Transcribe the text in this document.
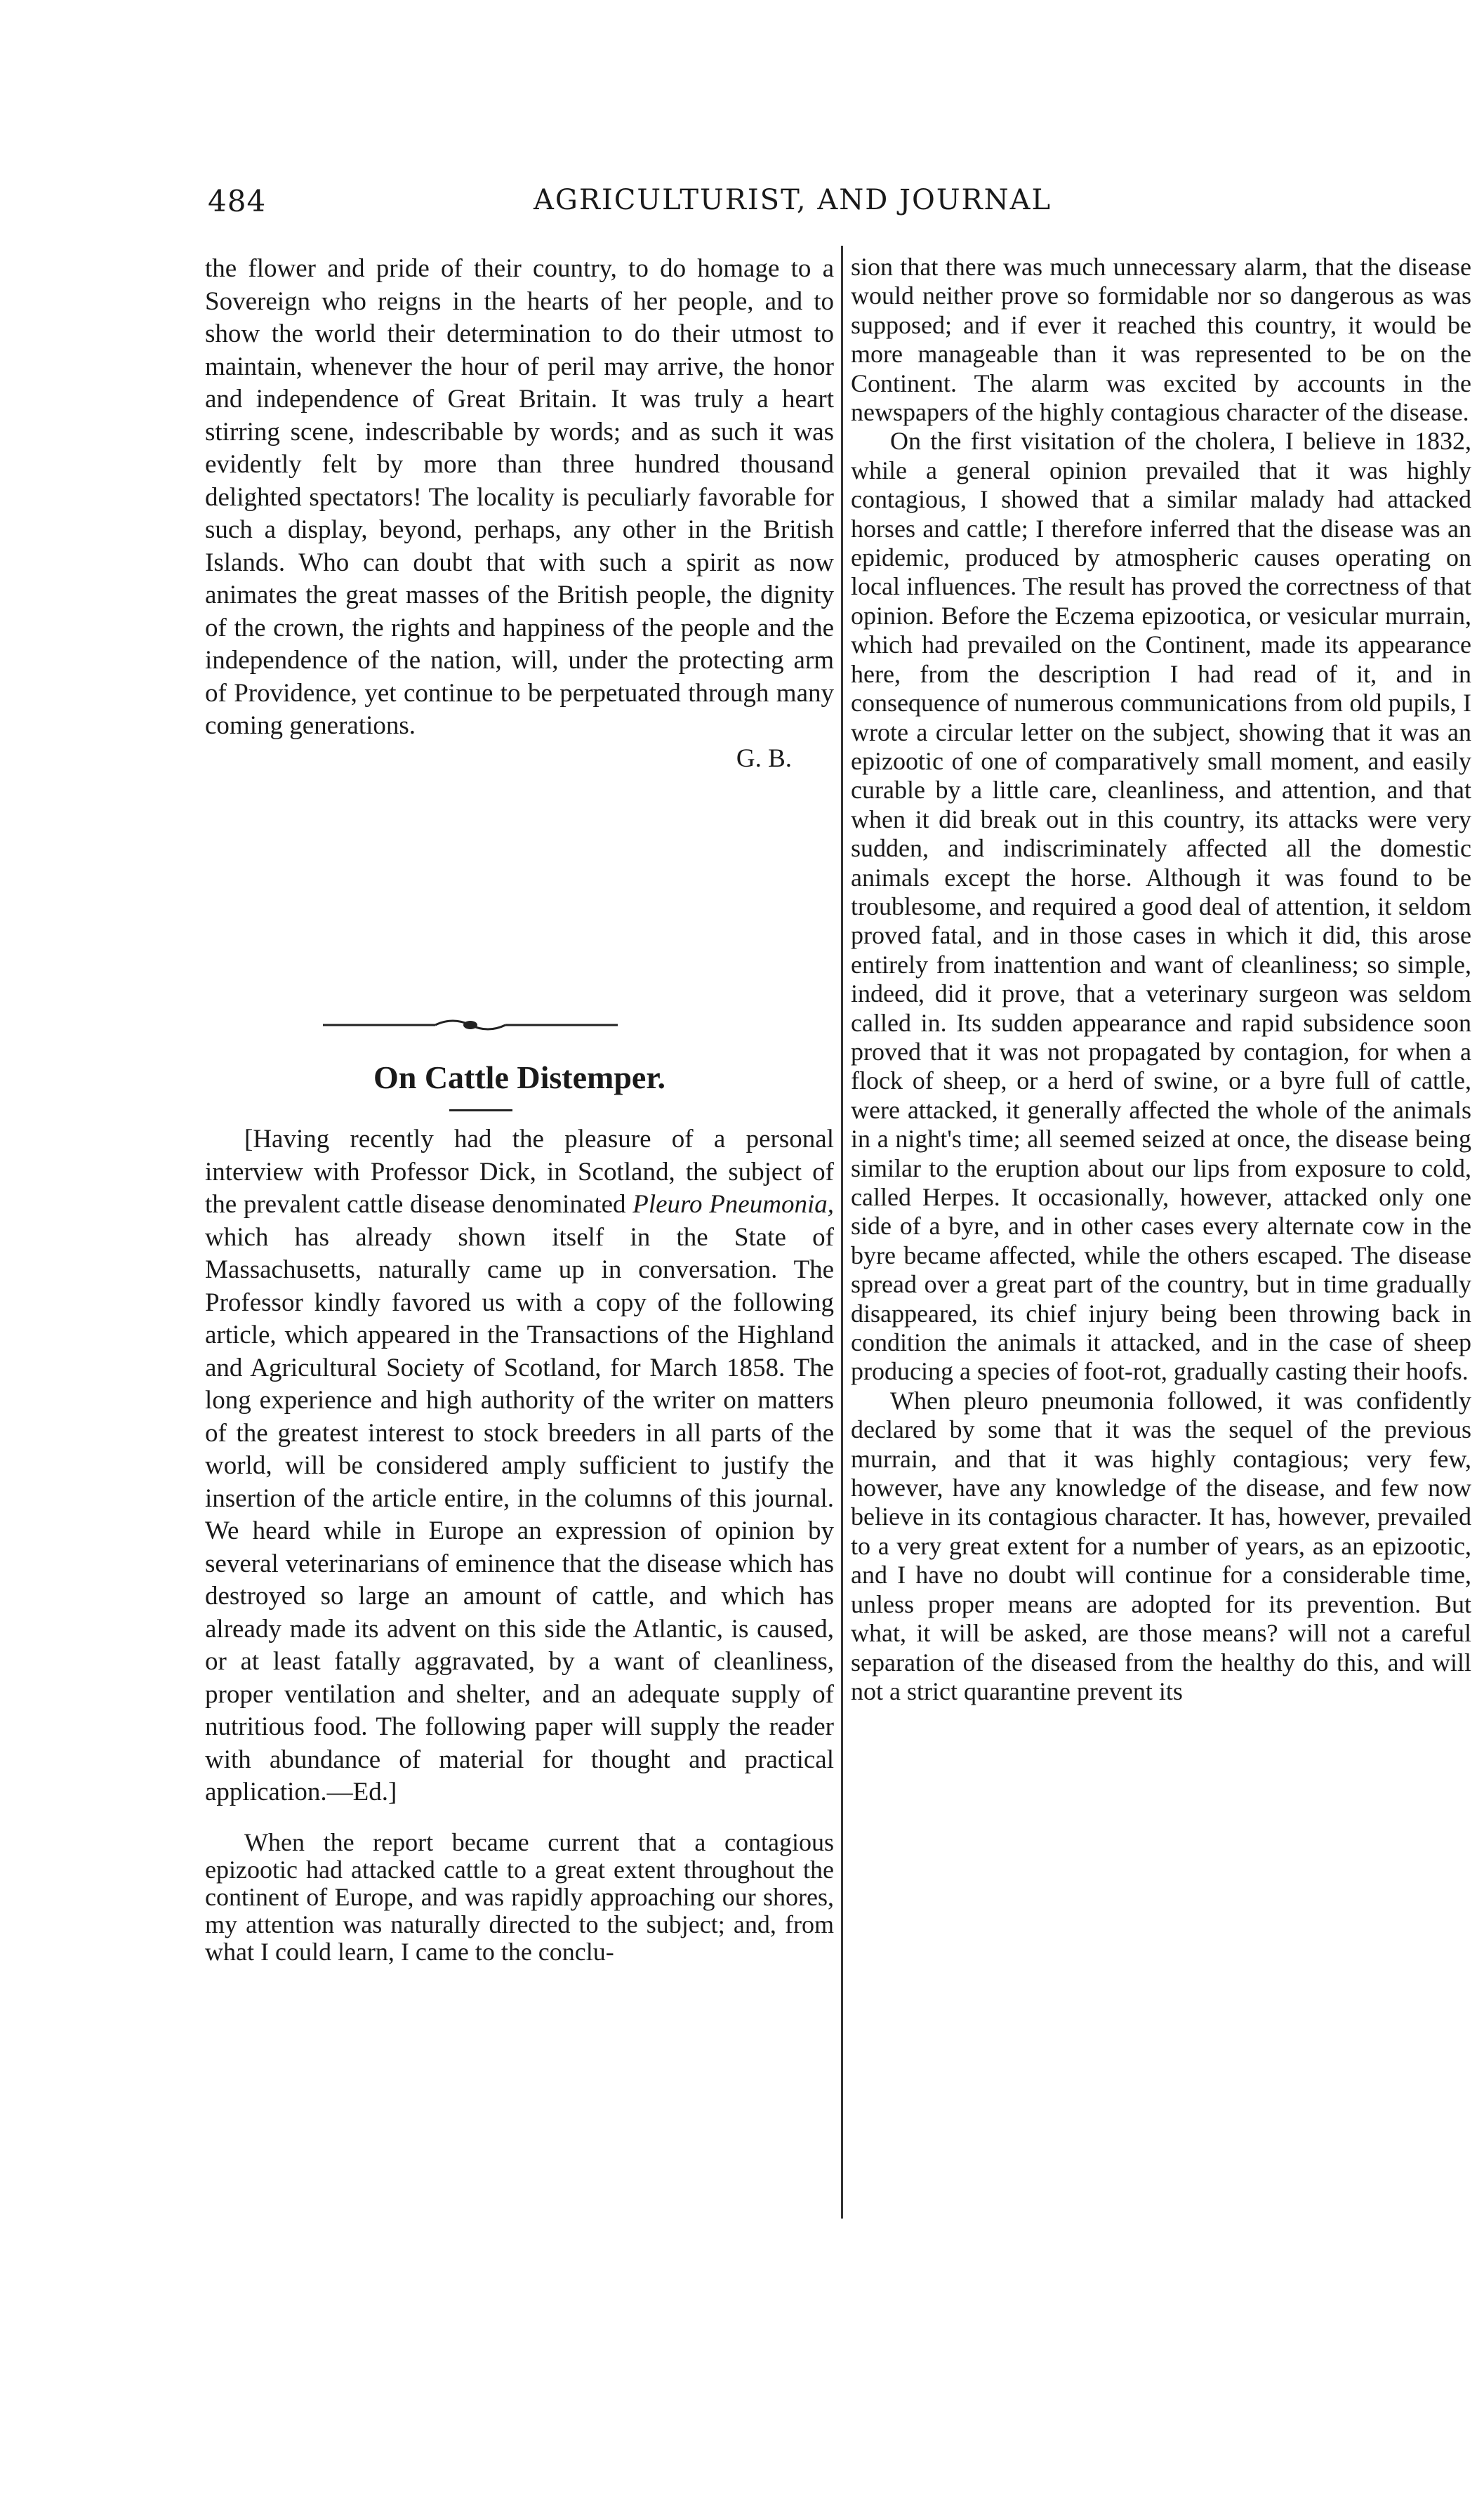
484	AGRICULTURIST, AND JOURNAL

the flower and pride of their country, to do homage to a Sovereign who reigns in the hearts of her people, and to show the world their determination to do their utmost to maintain, whenever the hour of peril may arrive, the honor and independence of Great Britain. It was truly a heart stirring scene, indescribable by words; and as such it was evidently felt by more than three hundred thousand delighted spectators! The locality is peculiarly favorable for such a display, beyond, perhaps, any other in the British Islands. Who can doubt that with such a spirit as now animates the great masses of the British people, the dignity of the crown, the rights and happiness of the people and the independence of the nation, will, under the protecting arm of Providence, yet continue to be perpetuated through many coming generations.

G. B.

On Cattle Distemper.

[Having recently had the pleasure of a personal interview with Professor Dick, in Scotland, the subject of the prevalent cattle disease denominated Pleuro Pneumonia, which has already shown itself in the State of Massachusetts, naturally came up in conversation. The Professor kindly favored us with a copy of the following article, which appeared in the Transactions of the Highland and Agricultural Society of Scotland, for March 1858. The long experience and high authority of the writer on matters of the greatest interest to stock breeders in all parts of the world, will be considered amply sufficient to justify the insertion of the article entire, in the columns of this journal. We heard while in Europe an expression of opinion by several veterinarians of eminence that the disease which has destroyed so large an amount of cattle, and which has already made its advent on this side the Atlantic, is caused, or at least fatally aggravated, by a want of cleanliness, proper ventilation and shelter, and an adequate supply of nutritious food. The following paper will supply the reader with abundance of material for thought and practical application.—Ed.]

When the report became current that a contagious epizootic had attacked cattle to a great extent throughout the continent of Europe, and was rapidly approaching our shores, my attention was naturally directed to the subject; and, from what I could learn, I came to the conclu-

sion that there was much unnecessary alarm, that the disease would neither prove so formidable nor so dangerous as was supposed; and if ever it reached this country, it would be more manageable than it was represented to be on the Continent. The alarm was excited by accounts in the newspapers of the highly contagious character of the disease.

On the first visitation of the cholera, I believe in 1832, while a general opinion prevailed that it was highly contagious, I showed that a similar malady had attacked horses and cattle; I therefore inferred that the disease was an epidemic, produced by atmospheric causes operating on local influences. The result has proved the correctness of that opinion. Before the Eczema epizootica, or vesicular murrain, which had prevailed on the Continent, made its appearance here, from the description I had read of it, and in consequence of numerous communications from old pupils, I wrote a circular letter on the subject, showing that it was an epizootic of one of comparatively small moment, and easily curable by a little care, cleanliness, and attention, and that when it did break out in this country, its attacks were very sudden, and indiscriminately affected all the domestic animals except the horse. Although it was found to be troublesome, and required a good deal of attention, it seldom proved fatal, and in those cases in which it did, this arose entirely from inattention and want of cleanliness; so simple, indeed, did it prove, that a veterinary surgeon was seldom called in. Its sudden appearance and rapid subsidence soon proved that it was not propagated by contagion, for when a flock of sheep, or a herd of swine, or a byre full of cattle, were attacked, it generally affected the whole of the animals in a night's time; all seemed seized at once, the disease being similar to the eruption about our lips from exposure to cold, called Herpes. It occasionally, however, attacked only one side of a byre, and in other cases every alternate cow in the byre became affected, while the others escaped. The disease spread over a great part of the country, but in time gradually disappeared, its chief injury being been throwing back in condition the animals it attacked, and in the case of sheep producing a species of foot-rot, gradually casting their hoofs.

When pleuro pneumonia followed, it was confidently declared by some that it was the sequel of the previous murrain, and that it was highly contagious; very few, however, have any knowledge of the disease, and few now believe in its contagious character. It has, however, prevailed to a very great extent for a number of years, as an epizootic, and I have no doubt will continue for a considerable time, unless proper means are adopted for its prevention. But what, it will be asked, are those means? will not a careful separation of the diseased from the healthy do this, and will not a strict quarantine prevent its
